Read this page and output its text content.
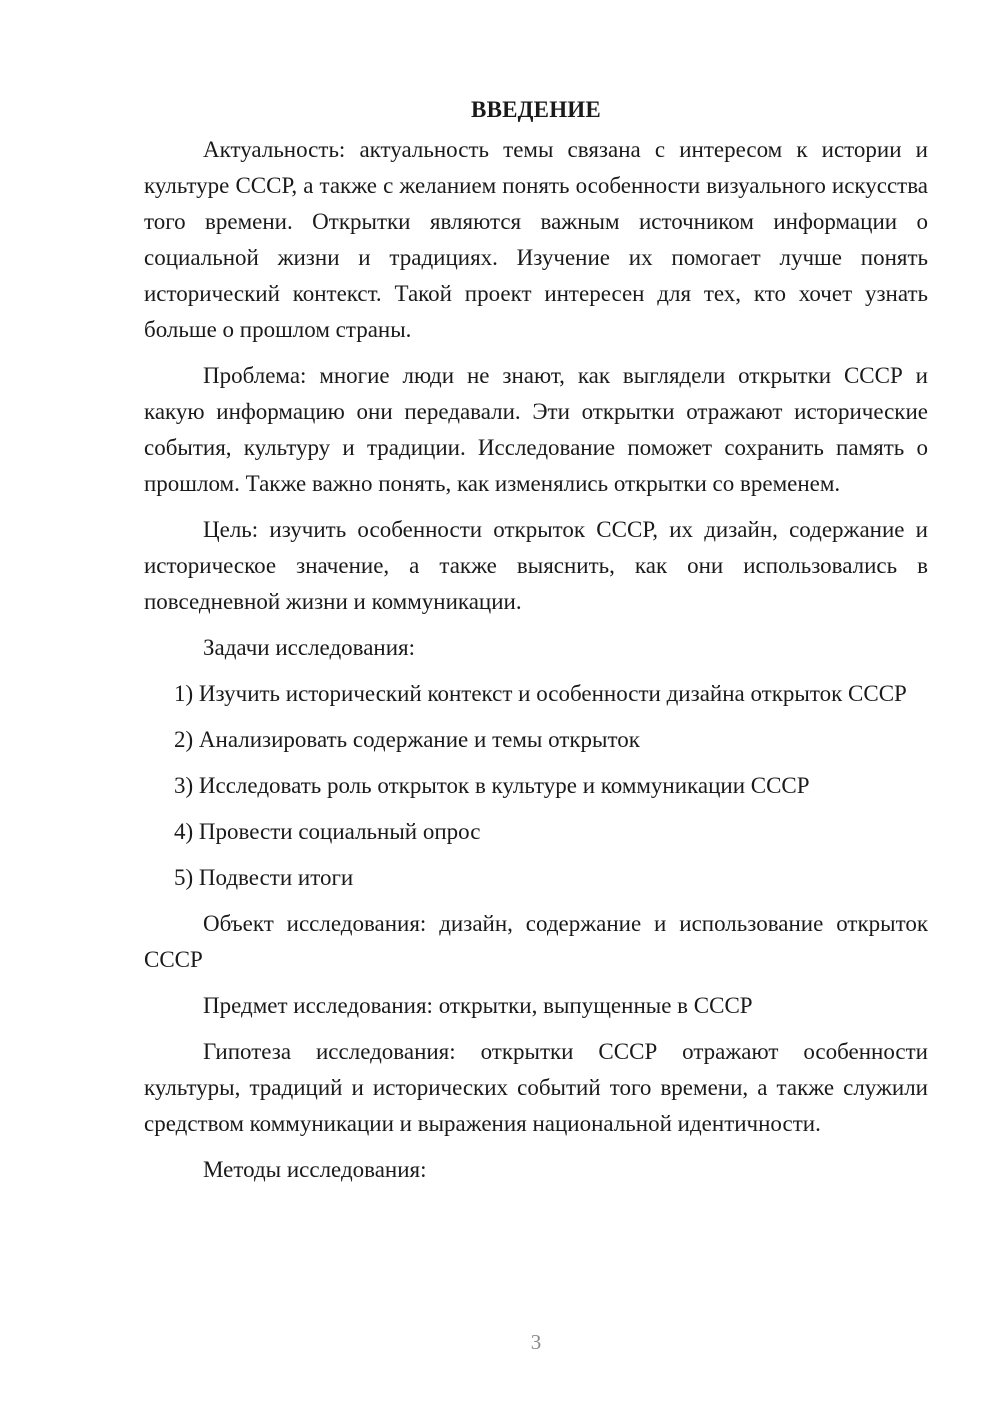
ВВЕДЕНИЕ

Актуальность: актуальность темы связана с интересом к истории и культуре СССР, а также с желанием понять особенности визуального искусства того времени. Открытки являются важным источником информации о социальной жизни и традициях. Изучение их помогает лучше понять исторический контекст. Такой проект интересен для тех, кто хочет узнать больше о прошлом страны.

Проблема: многие люди не знают, как выглядели открытки СССР и какую информацию они передавали. Эти открытки отражают исторические события, культуру и традиции. Исследование поможет сохранить память о прошлом. Также важно понять, как изменялись открытки со временем.

Цель: изучить особенности открыток СССР, их дизайн, содержание и историческое значение, а также выяснить, как они использовались в повседневной жизни и коммуникации.

Задачи исследования:

1) Изучить исторический контекст и особенности дизайна открыток СССР

2) Анализировать содержание и темы открыток

3) Исследовать роль открыток в культуре и коммуникации СССР

4) Провести социальный опрос

5) Подвести итоги

Объект исследования: дизайн, содержание и использование открыток СССР

Предмет исследования: открытки, выпущенные в СССР

Гипотеза исследования: открытки СССР отражают особенности культуры, традиций и исторических событий того времени, а также служили средством коммуникации и выражения национальной идентичности.

Методы исследования:

3
